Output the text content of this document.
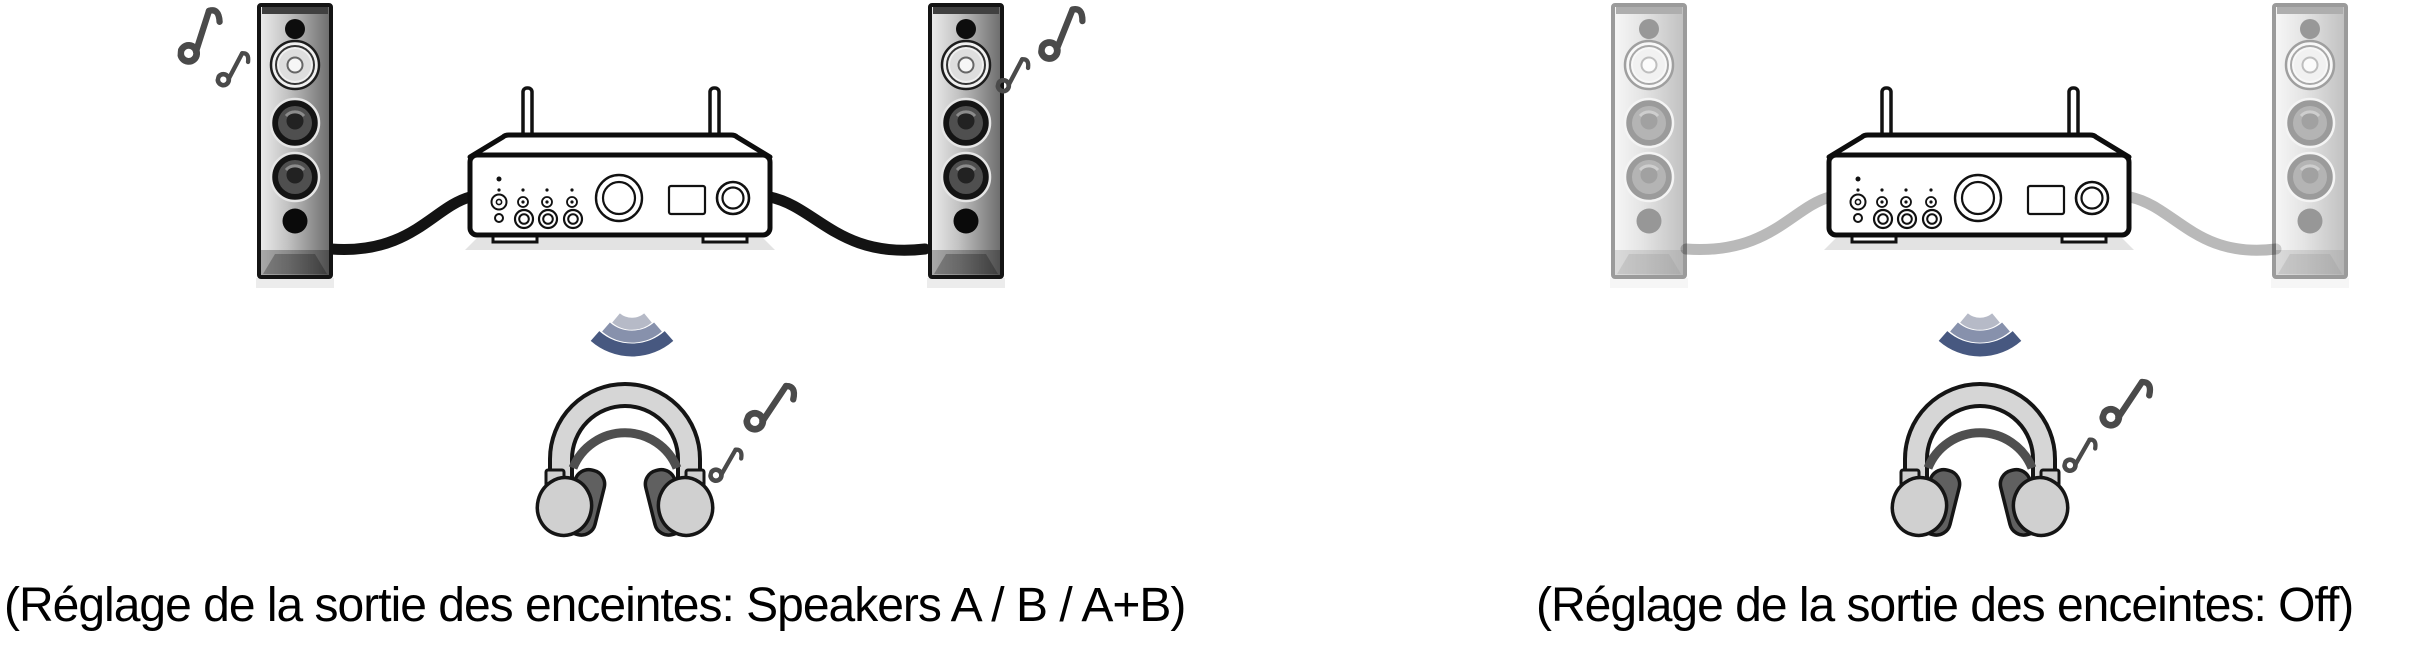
(Réglage de la sortie des enceintes: Speakers A / B / A+B)	(Réglage de la sortie des enceintes: Off)
